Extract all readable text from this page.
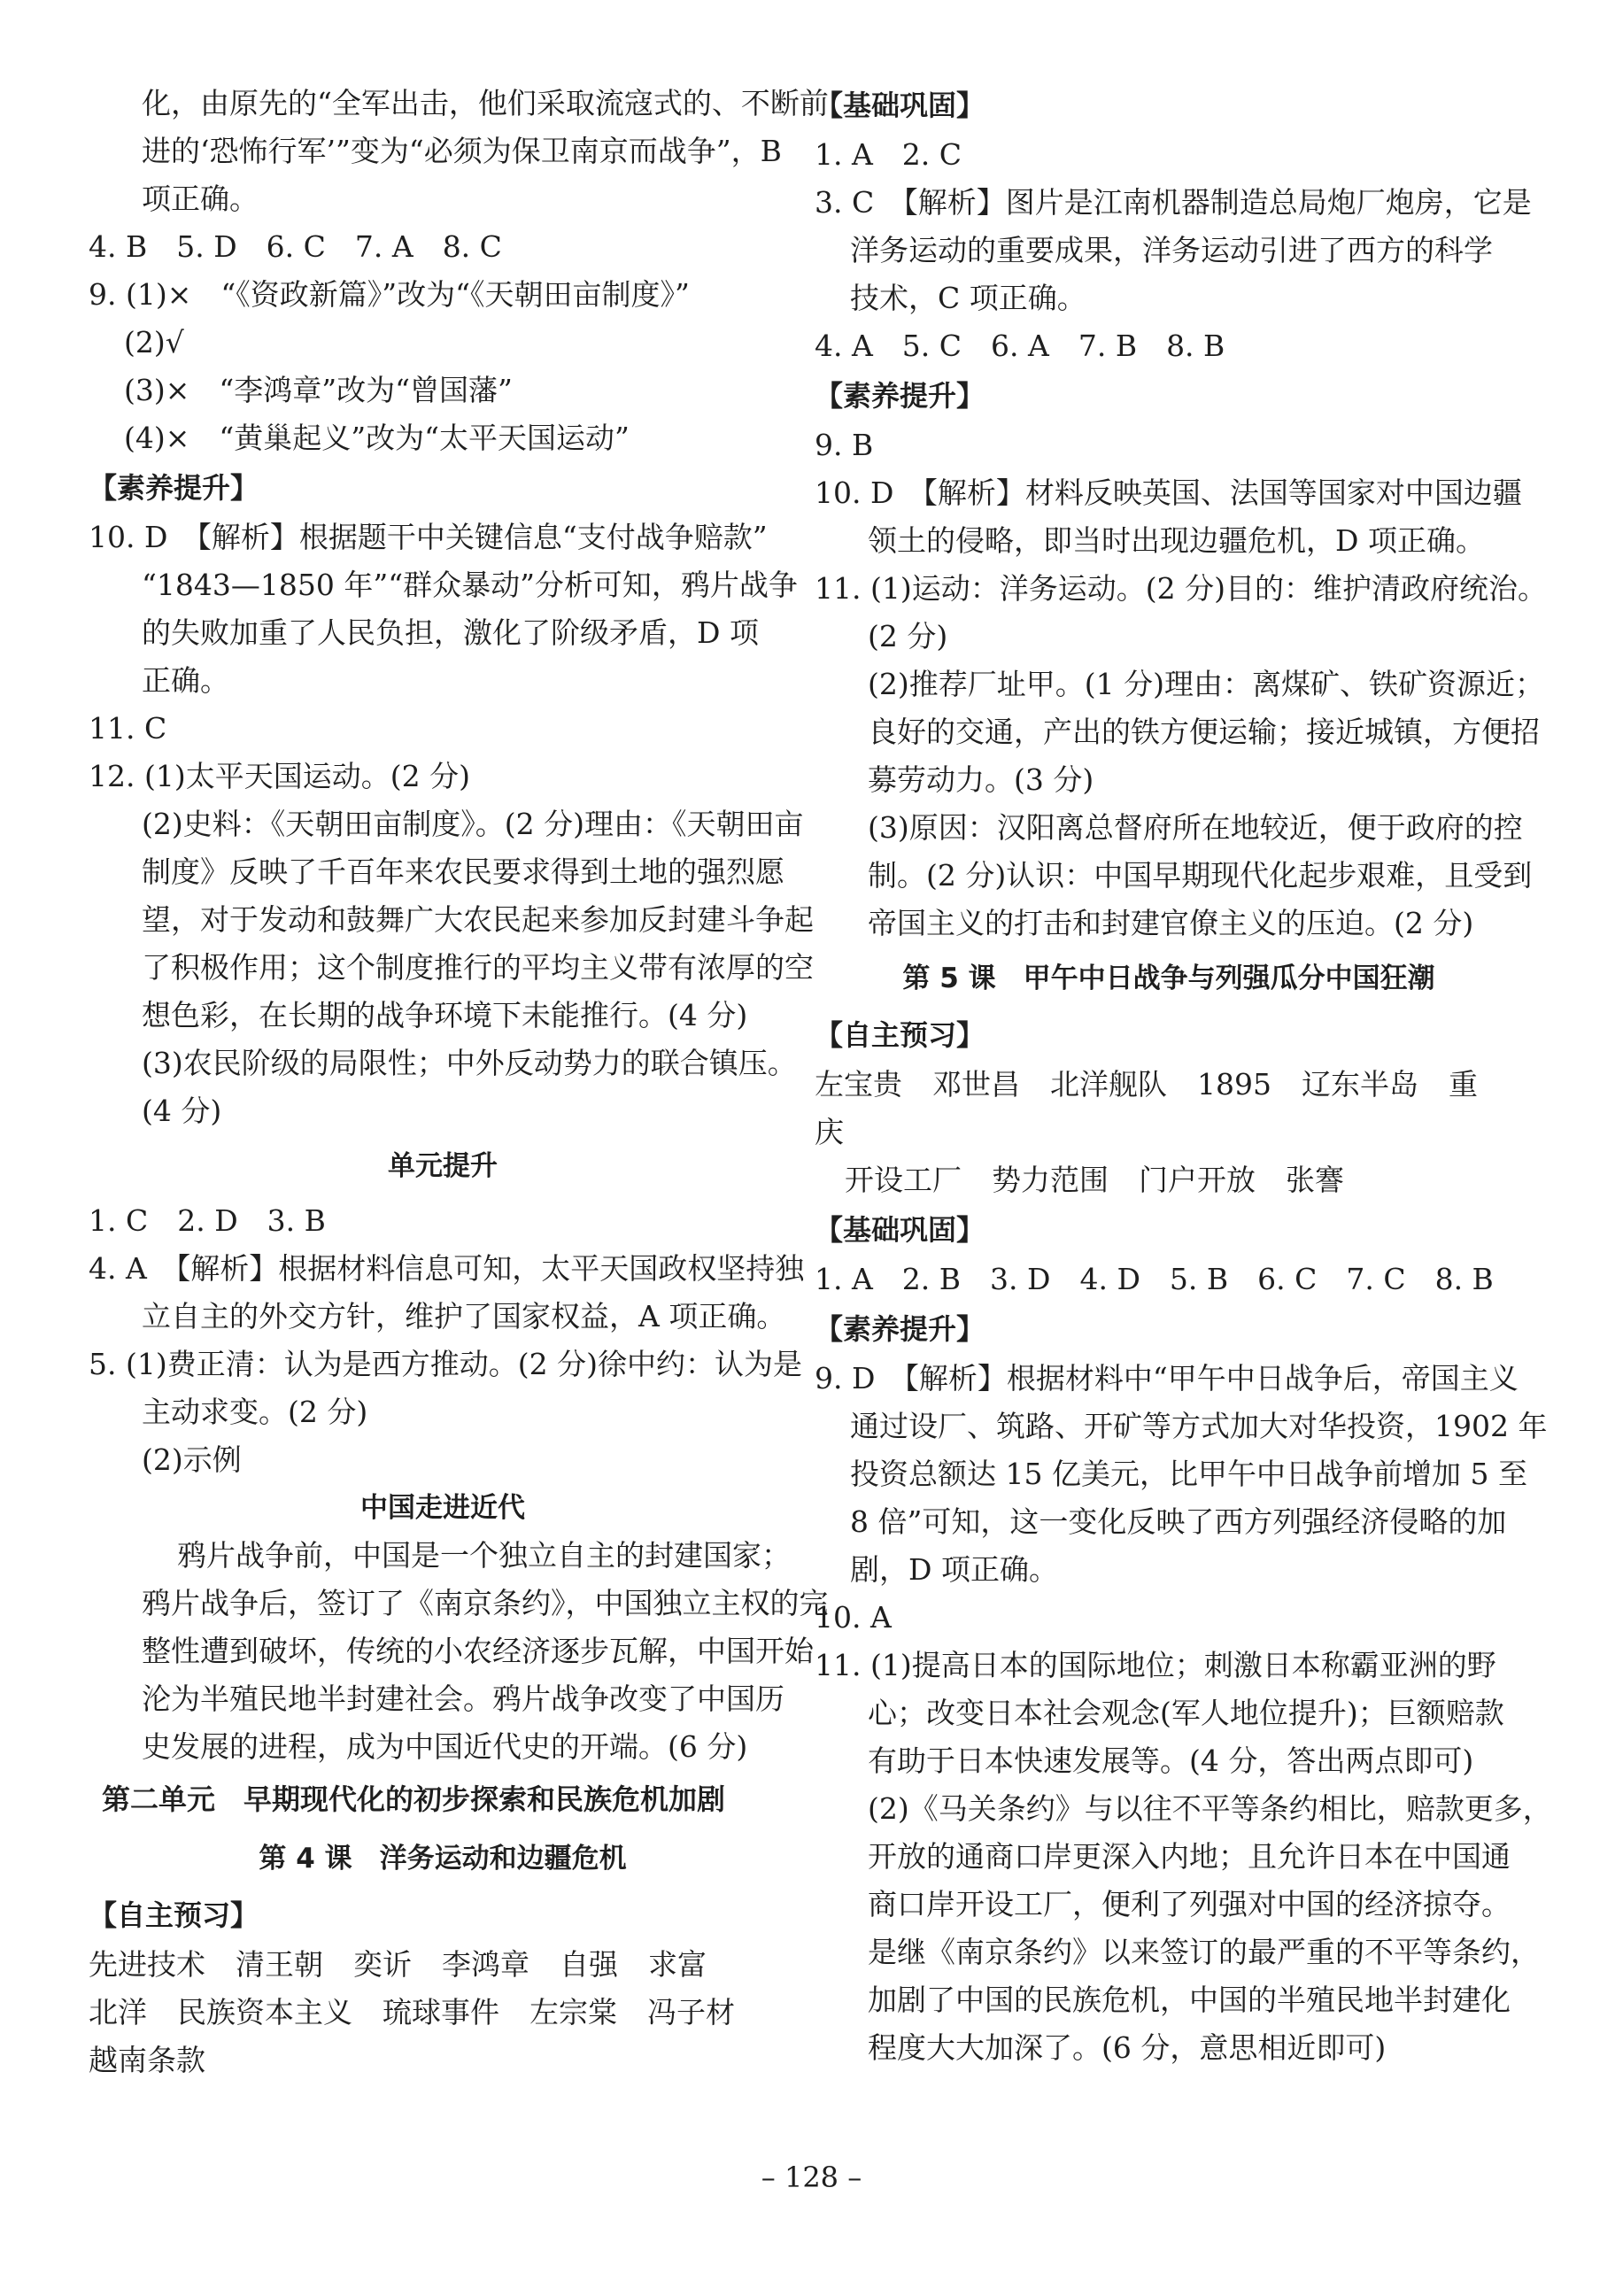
化，由原先的“全军出击，他们采取流寇式的、不断前
进的‘恐怖行军’”变为“必须为保卫南京而战争”，B
项正确。
4. B　5. D　6. C　7. A　8. C
9. (1)×　“《资政新篇》”改为“《天朝田亩制度》”
(2)√
(3)×　“李鸿章”改为“曾国藩”
(4)×　“黄巢起义”改为“太平天国运动”
【素养提升】
10. D　【解析】根据题干中关键信息“支付战争赔款”
“1843—1850 年”“群众暴动”分析可知，鸦片战争
的失败加重了人民负担，激化了阶级矛盾，D 项
正确。
11. C
12. (1)太平天国运动。(2 分)
(2)史料：《天朝田亩制度》。(2 分)理由：《天朝田亩
制度》反映了千百年来农民要求得到土地的强烈愿
望，对于发动和鼓舞广大农民起来参加反封建斗争起
了积极作用；这个制度推行的平均主义带有浓厚的空
想色彩，在长期的战争环境下未能推行。(4 分)
(3)农民阶级的局限性；中外反动势力的联合镇压。
(4 分)
单元提升
1. C　2. D　3. B
4. A　【解析】根据材料信息可知，太平天国政权坚持独
立自主的外交方针，维护了国家权益，A 项正确。
5. (1)费正清：认为是西方推动。(2 分)徐中约：认为是
主动求变。(2 分)
(2)示例
中国走进近代
鸦片战争前，中国是一个独立自主的封建国家；
鸦片战争后，签订了《南京条约》，中国独立主权的完
整性遭到破坏，传统的小农经济逐步瓦解，中国开始
沦为半殖民地半封建社会。鸦片战争改变了中国历
史发展的进程，成为中国近代史的开端。(6 分)
第二单元　早期现代化的初步探索和民族危机加剧
第 4 课　洋务运动和边疆危机
【自主预习】
先进技术 清王朝 奕䜣 李鸿章 自强 求富
北洋 民族资本主义 琉球事件 左宗棠 冯子材
越南条款
【基础巩固】
1. A　2. C
3. C　【解析】图片是江南机器制造总局炮厂炮房，它是
洋务运动的重要成果，洋务运动引进了西方的科学
技术，C 项正确。
4. A　5. C　6. A　7. B　8. B
【素养提升】
9. B
10. D　【解析】材料反映英国、法国等国家对中国边疆
领土的侵略，即当时出现边疆危机，D 项正确。
11. (1)运动：洋务运动。(2 分)目的：维护清政府统治。
(2 分)
(2)推荐厂址甲。(1 分)理由：离煤矿、铁矿资源近；
良好的交通，产出的铁方便运输；接近城镇，方便招
募劳动力。(3 分)
(3)原因：汉阳离总督府所在地较近，便于政府的控
制。(2 分)认识：中国早期现代化起步艰难，且受到
帝国主义的打击和封建官僚主义的压迫。(2 分)
第 5 课　甲午中日战争与列强瓜分中国狂潮
【自主预习】
左宝贵 邓世昌 北洋舰队 1895 辽东半岛 重庆
开设工厂 势力范围 门户开放 张謇
【基础巩固】
1. A　2. B　3. D　4. D　5. B　6. C　7. C　8. B
【素养提升】
9. D　【解析】根据材料中“甲午中日战争后，帝国主义
通过设厂、筑路、开矿等方式加大对华投资，1902 年
投资总额达 15 亿美元，比甲午中日战争前增加 5 至
8 倍”可知，这一变化反映了西方列强经济侵略的加
剧，D 项正确。
10. A
11. (1)提高日本的国际地位；刺激日本称霸亚洲的野
心；改变日本社会观念(军人地位提升)；巨额赔款
有助于日本快速发展等。(4 分，答出两点即可)
(2)《马关条约》与以往不平等条约相比，赔款更多，
开放的通商口岸更深入内地；且允许日本在中国通
商口岸开设工厂，便利了列强对中国的经济掠夺。
是继《南京条约》以来签订的最严重的不平等条约，
加剧了中国的民族危机，中国的半殖民地半封建化
程度大大加深了。(6 分，意思相近即可)
– 128 –
